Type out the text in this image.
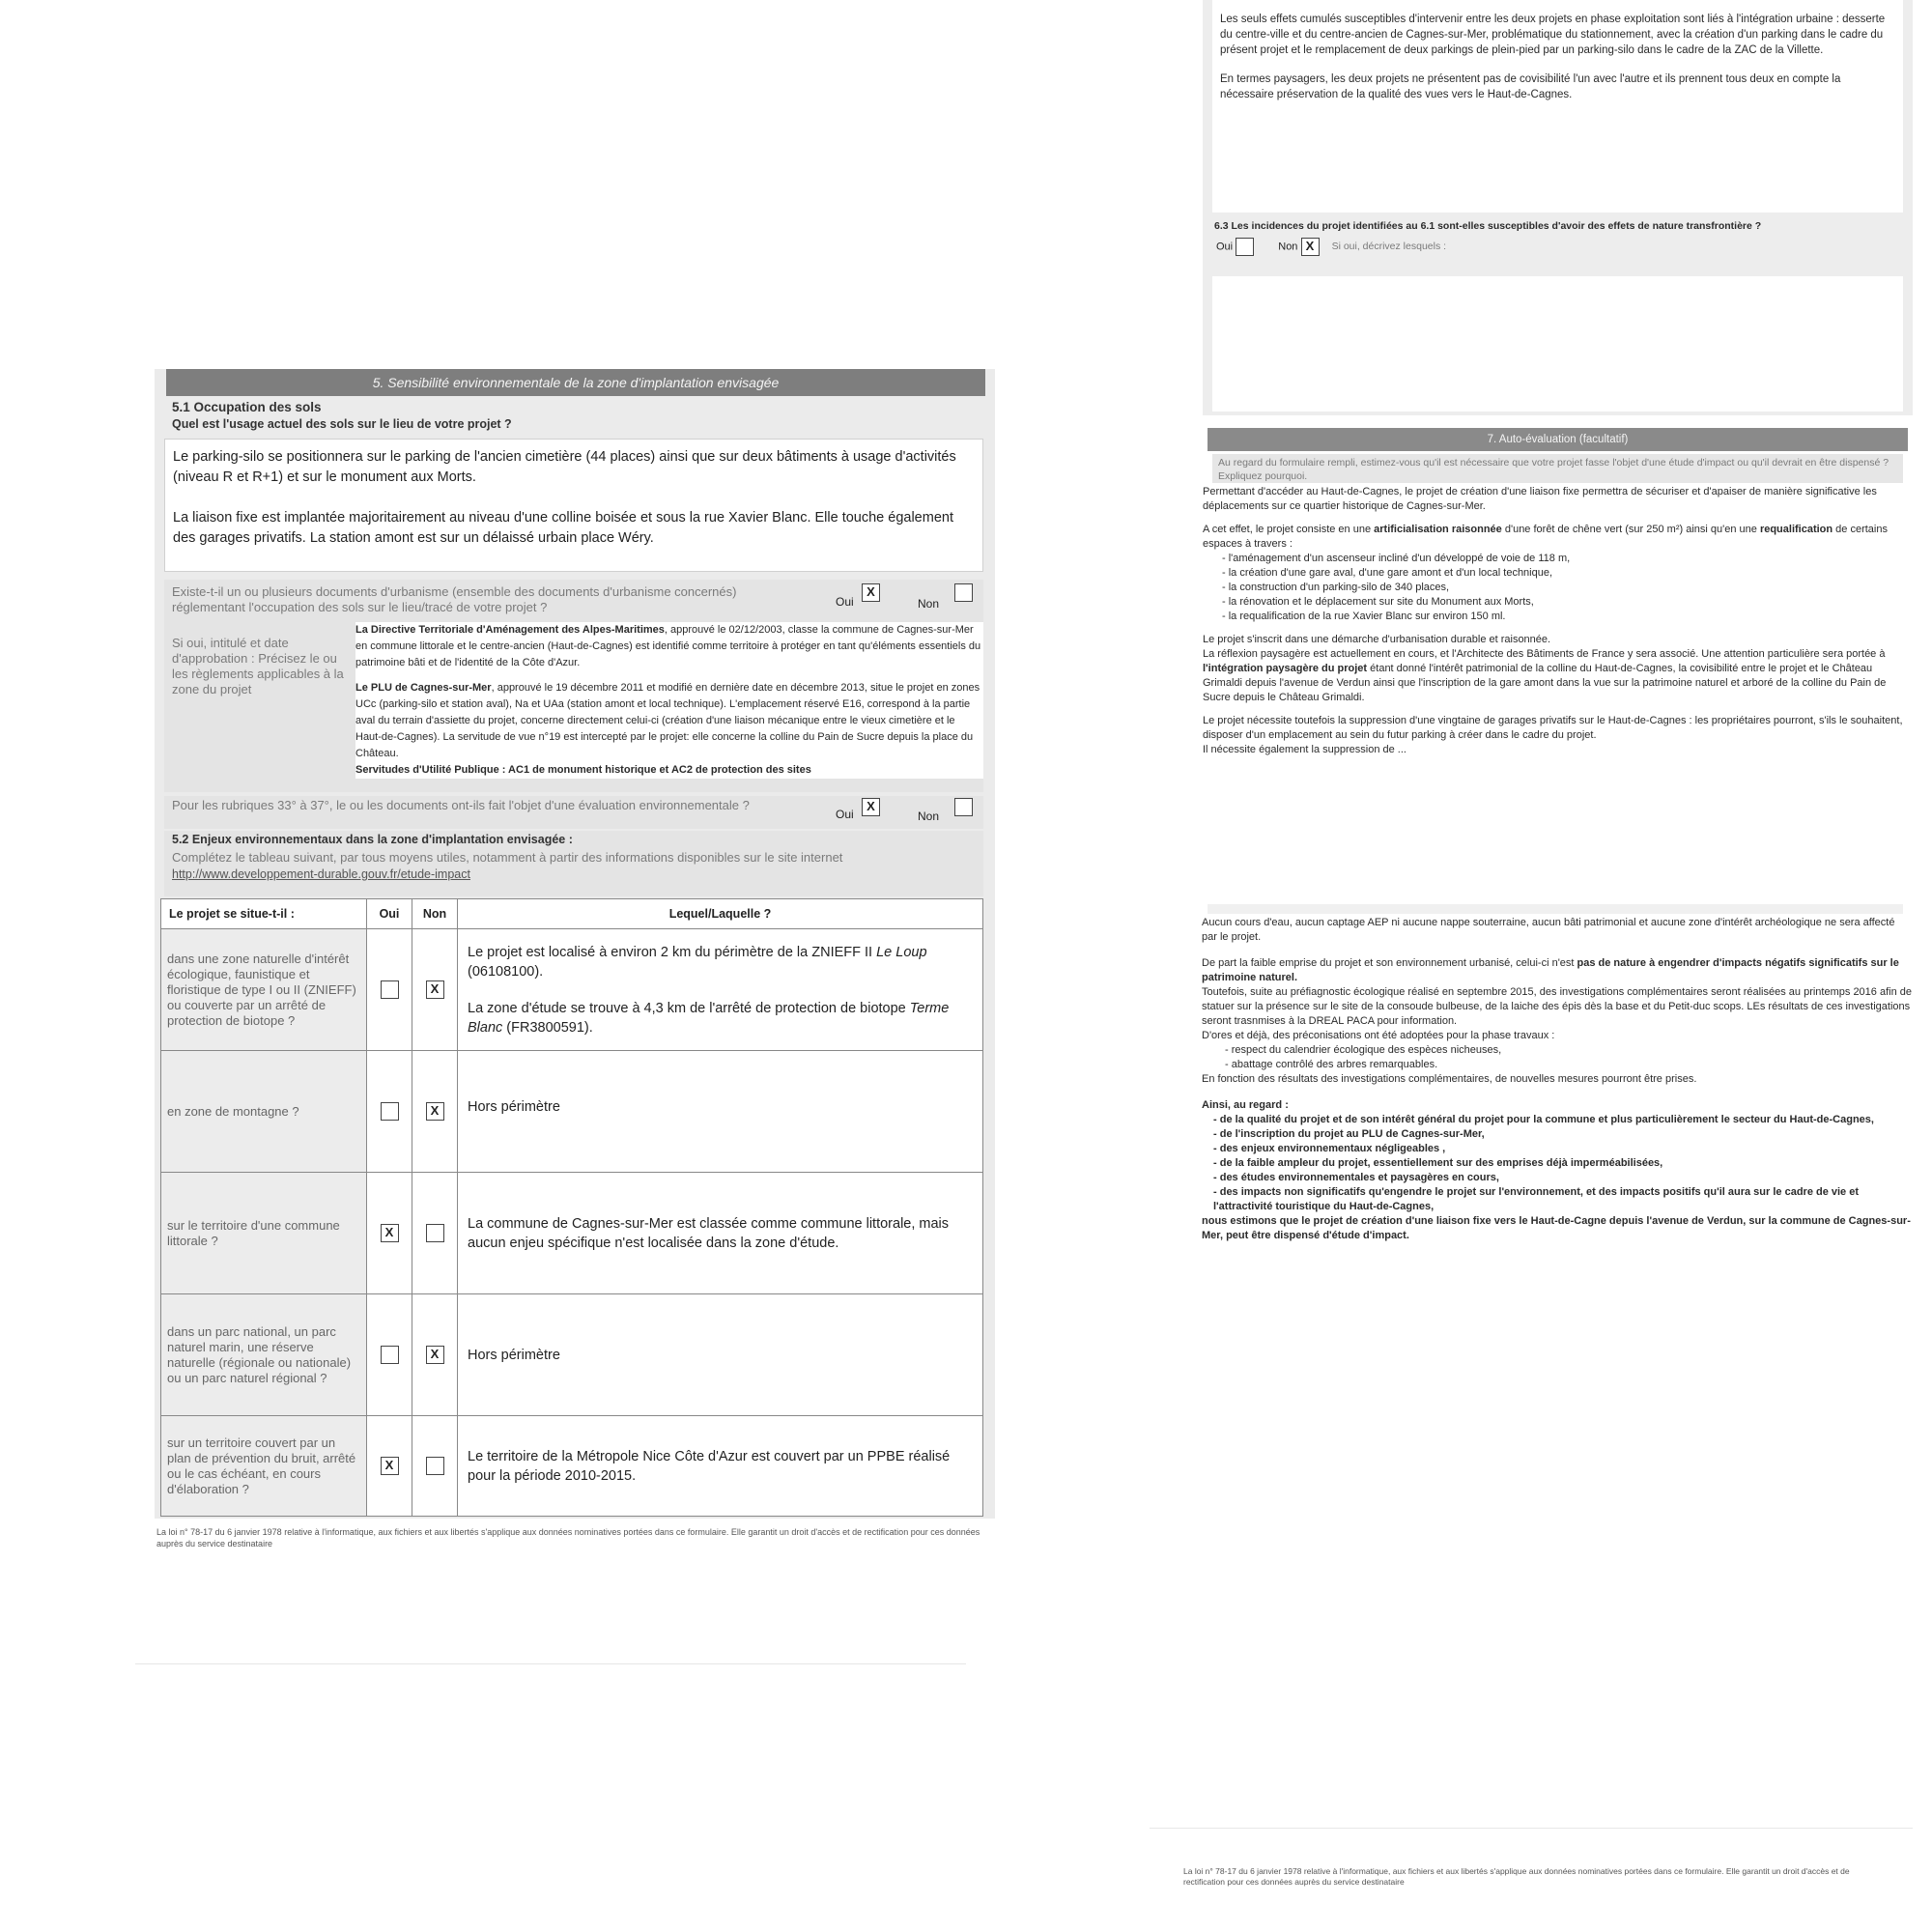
Les seuls effets cumulés susceptibles d'intervenir entre les deux projets en phase exploitation sont liés à l'intégration urbaine : desserte du centre-ville et du centre-ancien de Cagnes-sur-Mer, problématique du stationnement, avec la création d'un parking dans le cadre du présent projet et le remplacement de deux parkings de plein-pied par un parking-silo dans le cadre de la ZAC de la Villette.

En termes paysagers, les deux projets ne présentent pas de covisibilité l'un avec l'autre et ils prennent tous deux en compte la nécessaire préservation de la qualité des vues vers le Haut-de-Cagnes.

6.3 Les incidences du projet identifiées au 6.1 sont-elles susceptibles d'avoir des effets de nature transfrontière ?

Oui	Non X Si oui, décrivez lesquels :
7. Auto-évaluation (facultatif)
Au regard du formulaire rempli, estimez-vous qu'il est nécessaire que votre projet fasse l'objet d'une étude d'impact ou qu'il devrait en être dispensé ? Expliquez pourquoi.

Permettant d'accéder au Haut-de-Cagnes, le projet de création d'une liaison fixe permettra de sécuriser et d'apaiser de manière significative les déplacements sur ce quartier historique de Cagnes-sur-Mer.

A cet effet, le projet consiste en une artificialisation raisonnée d'une forêt de chêne vert (sur 250 m²) ainsi qu'en une requalification de certains espaces à travers :

- l'aménagement d'un ascenseur incliné d'un développé de voie de 118 m,

- la création d'une gare aval, d'une gare amont et d'un local technique,

- la construction d'un parking-silo de 340 places,

- la rénovation et le déplacement sur site du Monument aux Morts,

- la requalification de la rue Xavier Blanc sur environ 150 ml.

Le projet s'inscrit dans une démarche d'urbanisation durable et raisonnée.

La réflexion paysagère est actuellement en cours, et l'Architecte des Bâtiments de France y sera associé. Une attention particulière sera portée à l'intégration paysagère du projet étant donné l'intérêt patrimonial de la colline du Haut-de-Cagnes, la covisibilité entre le projet et le Château Grimaldi depuis l'avenue de Verdun ainsi que l'inscription de la gare amont dans la vue sur la patrimoine naturel et arboré de la colline du Pain de Sucre depuis le Château Grimaldi.

Le projet nécessite toutefois la suppression d'une vingtaine de garages privatifs sur le Haut-de-Cagnes : les propriétaires pourront, s'ils le souhaitent, disposer d'un emplacement au sein du futur parking à créer dans le cadre du projet.

Il nécessite également la suppression de ...

Aucun cours d'eau, aucun captage AEP ni aucune nappe souterraine, aucun bâti patrimonial et aucune zone d'intérêt archéologique ne sera affecté par le projet.

De part la faible emprise du projet et son environnement urbanisé, celui-ci n'est pas de nature à engendrer d'impacts négatifs significatifs sur le patrimoine naturel.

Toutefois, suite au préfiagnostic écologique réalisé en septembre 2015, des investigations complémentaires seront réalisées au printemps 2016 afin de statuer sur la présence sur le site de la consoude bulbeuse, de la laiche des épis dès la base et du Petit-duc scops. LEs résultats de ces investigations seront trasnmises à la DREAL PACA pour information.

D'ores et déjà, des préconisations ont été adoptées pour la phase travaux :

- respect du calendrier écologique des espèces nicheuses,

- abattage contrôlé des arbres remarquables.

En fonction des résultats des investigations complémentaires, de nouvelles mesures pourront être prises.

Ainsi, au regard :

- de la qualité du projet et de son intérêt général du projet pour la commune et plus particulièrement le secteur du Haut-de-Cagnes,

- de l'inscription du projet au PLU de Cagnes-sur-Mer,

- des enjeux environnementaux négligeables ,

- de la faible ampleur du projet, essentiellement sur des emprises déjà imperméabilisées,

- des études environnementales et paysagères en cours,

- des impacts non significatifs qu'engendre le projet sur l'environnement, et des impacts positifs qu'il aura sur le cadre de vie et l'attractivité touristique du Haut-de-Cagnes,

nous estimons que le projet de création d'une liaison fixe vers le Haut-de-Cagne depuis l'avenue de Verdun, sur la commune de Cagnes-sur-Mer, peut être dispensé d'étude d'impact.

La loi n° 78-17 du 6 janvier 1978 relative à l'informatique, aux fichiers et aux libertés s'applique aux données nominatives portées dans ce formulaire. Elle garantit un droit d'accès et de rectification pour ces données auprès du service destinataire
5. Sensibilité environnementale de la zone d'implantation envisagée
5.1 Occupation des sols
Quel est l'usage actuel des sols sur le lieu de votre projet ?

Le parking-silo se positionnera sur le parking de l'ancien cimetière (44 places) ainsi que sur deux bâtiments à usage d'activités (niveau R et R+1) et sur le monument aux Morts.

La liaison fixe est implantée majoritairement au niveau d'une colline boisée et sous la rue Xavier Blanc. Elle touche également des garages privatifs. La station amont est sur un délaissé urbain place Wéry.

Existe-t-il un ou plusieurs documents d'urbanisme (ensemble des documents d'urbanisme concernés) réglementant l'occupation des sols sur le lieu/tracé de votre projet ?	Oui
X
Non

Si oui, intitulé et date d'approbation : Précisez le ou les règlements applicables à la zone du projet

La Directive Territoriale d'Aménagement des Alpes-Maritimes, approuvé le 02/12/2003, classe la commune de Cagnes-sur-Mer en commune littorale et le centre-ancien (Haut-de-Cagnes) est identifié comme territoire à protéger en tant qu'éléments essentiels du patrimoine bâti et de l'identité de la Côte d'Azur.

Le PLU de Cagnes-sur-Mer, approuvé le 19 décembre 2011 et modifié en dernière date en décembre 2013, situe le projet en zones UCc (parking-silo et station aval), Na et UAa (station amont et local technique). L'emplacement réservé E16, correspond à la partie aval du terrain d'assiette du projet, concerne directement celui-ci (création d'une liaison mécanique entre le vieux cimetière et le Haut-de-Cagnes). La servitude de vue n°19 est intercepté par le projet: elle concerne la colline du Pain de Sucre depuis la place du Château.

Servitudes d'Utilité Publique : AC1 de monument historique et AC2 de protection des sites

Pour les rubriques 33° à 37°, le ou les documents ont-ils fait l'objet d'une évaluation environnementale ?

Oui
X
Non

5.2 Enjeux environnementaux dans la zone d'implantation envisagée :

Complétez le tableau suivant, par tous moyens utiles, notamment à partir des informations disponibles sur le site internet

http://www.developpement-durable.gouv.fr/etude-impact

Le projet se situe-t-il :	Oui	Non	Lequel/Laquelle ?
dans une zone naturelle d'intérêt écologique, faunistique et floristique de type I ou II (ZNIEFF) ou couverte par un arrêté de protection de biotope ?		X	Le projet est localisé à environ 2 km du périmètre de la ZNIEFF II Le Loup (06108100).

La zone d'étude se trouve à 4,3 km de l'arrêté de protection de biotope Terme Blanc (FR3800591).

en zone de montagne ?		X	Hors périmètre
sur le territoire d'une commune littorale ?	X		La commune de Cagnes-sur-Mer est classée comme commune littorale, mais aucun enjeu spécifique n'est localisée dans la zone d'étude.
dans un parc national, un parc naturel marin, une réserve naturelle (régionale ou nationale) ou un parc naturel régional ?		X	Hors périmètre
sur un territoire couvert par un plan de prévention du bruit, arrêté ou le cas échéant, en cours d'élaboration ?	X		Le territoire de la Métropole Nice Côte d'Azur est couvert par un PPBE réalisé pour la période 2010-2015.
La loi n° 78-17 du 6 janvier 1978 relative à l'informatique, aux fichiers et aux libertés s'applique aux données nominatives portées dans ce formulaire. Elle garantit un droit d'accès et de rectification pour ces données auprès du service destinataire
